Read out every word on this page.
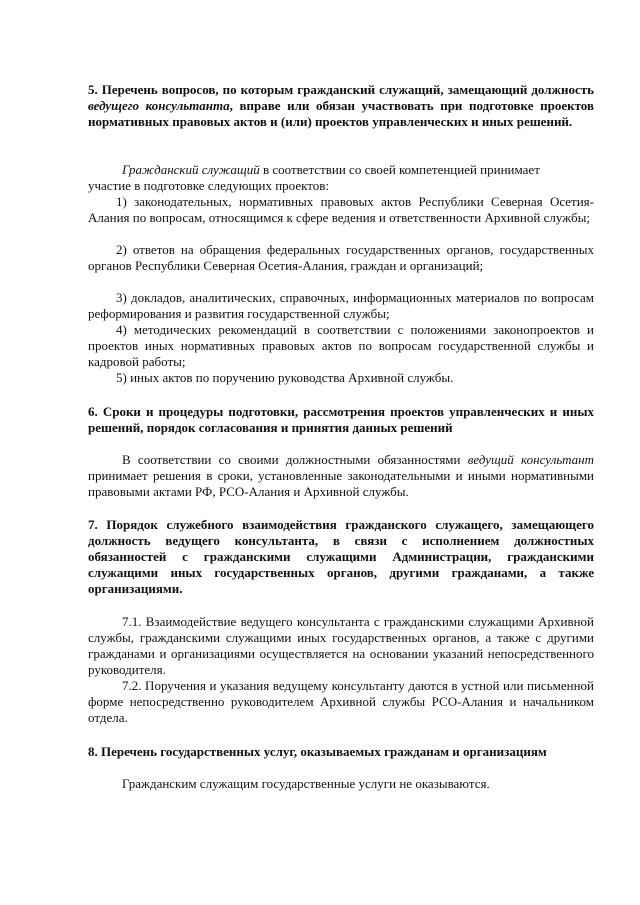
5. Перечень вопросов, по которым гражданский служащий, замещающий должность ведущего консультанта, вправе или обязан участвовать при подготовке проектов нормативных правовых актов и (или) проектов управленческих и иных решений.

Гражданский служащий в соответствии со своей компетенцией принимает
участие в подготовке следующих проектов:

1) законодательных, нормативных правовых актов Республики Северная Осетия-Алания по вопросам, относящимся к сфере ведения и ответственности Архивной службы;

2) ответов на обращения федеральных государственных органов, государственных органов Республики Северная Осетия-Алания, граждан и организаций;

3) докладов, аналитических, справочных, информационных материалов по вопросам реформирования и развития государственной службы;

4) методических рекомендаций в соответствии с положениями законопроектов и проектов иных нормативных правовых актов по вопросам государственной службы и кадровой работы;

5) иных актов по поручению руководства Архивной службы.

6. Сроки и процедуры подготовки, рассмотрения проектов управленческих и иных решений, порядок согласования и принятия данных решений

В соответствии со своими должностными обязанностями ведущий консультант принимает решения в сроки, установленные законодательными и иными нормативными правовыми актами РФ, РСО-Алания и Архивной службы.

7. Порядок служебного взаимодействия гражданского служащего, замещающего должность ведущего консультанта, в связи с исполнением должностных обязанностей с гражданскими служащими Администрации, гражданскими служащими иных государственных органов, другими гражданами, а также организациями.

7.1. Взаимодействие ведущего консультанта с гражданскими служащими Архивной службы, гражданскими служащими иных государственных органов, а также с другими гражданами и организациями осуществляется на основании указаний непосредственного руководителя.

7.2. Поручения и указания ведущему консультанту даются в устной или письменной форме непосредственно руководителем Архивной службы РСО-Алания и начальником отдела.

8. Перечень государственных услуг, оказываемых гражданам и организациям

Гражданским служащим государственные услуги не оказываются.
